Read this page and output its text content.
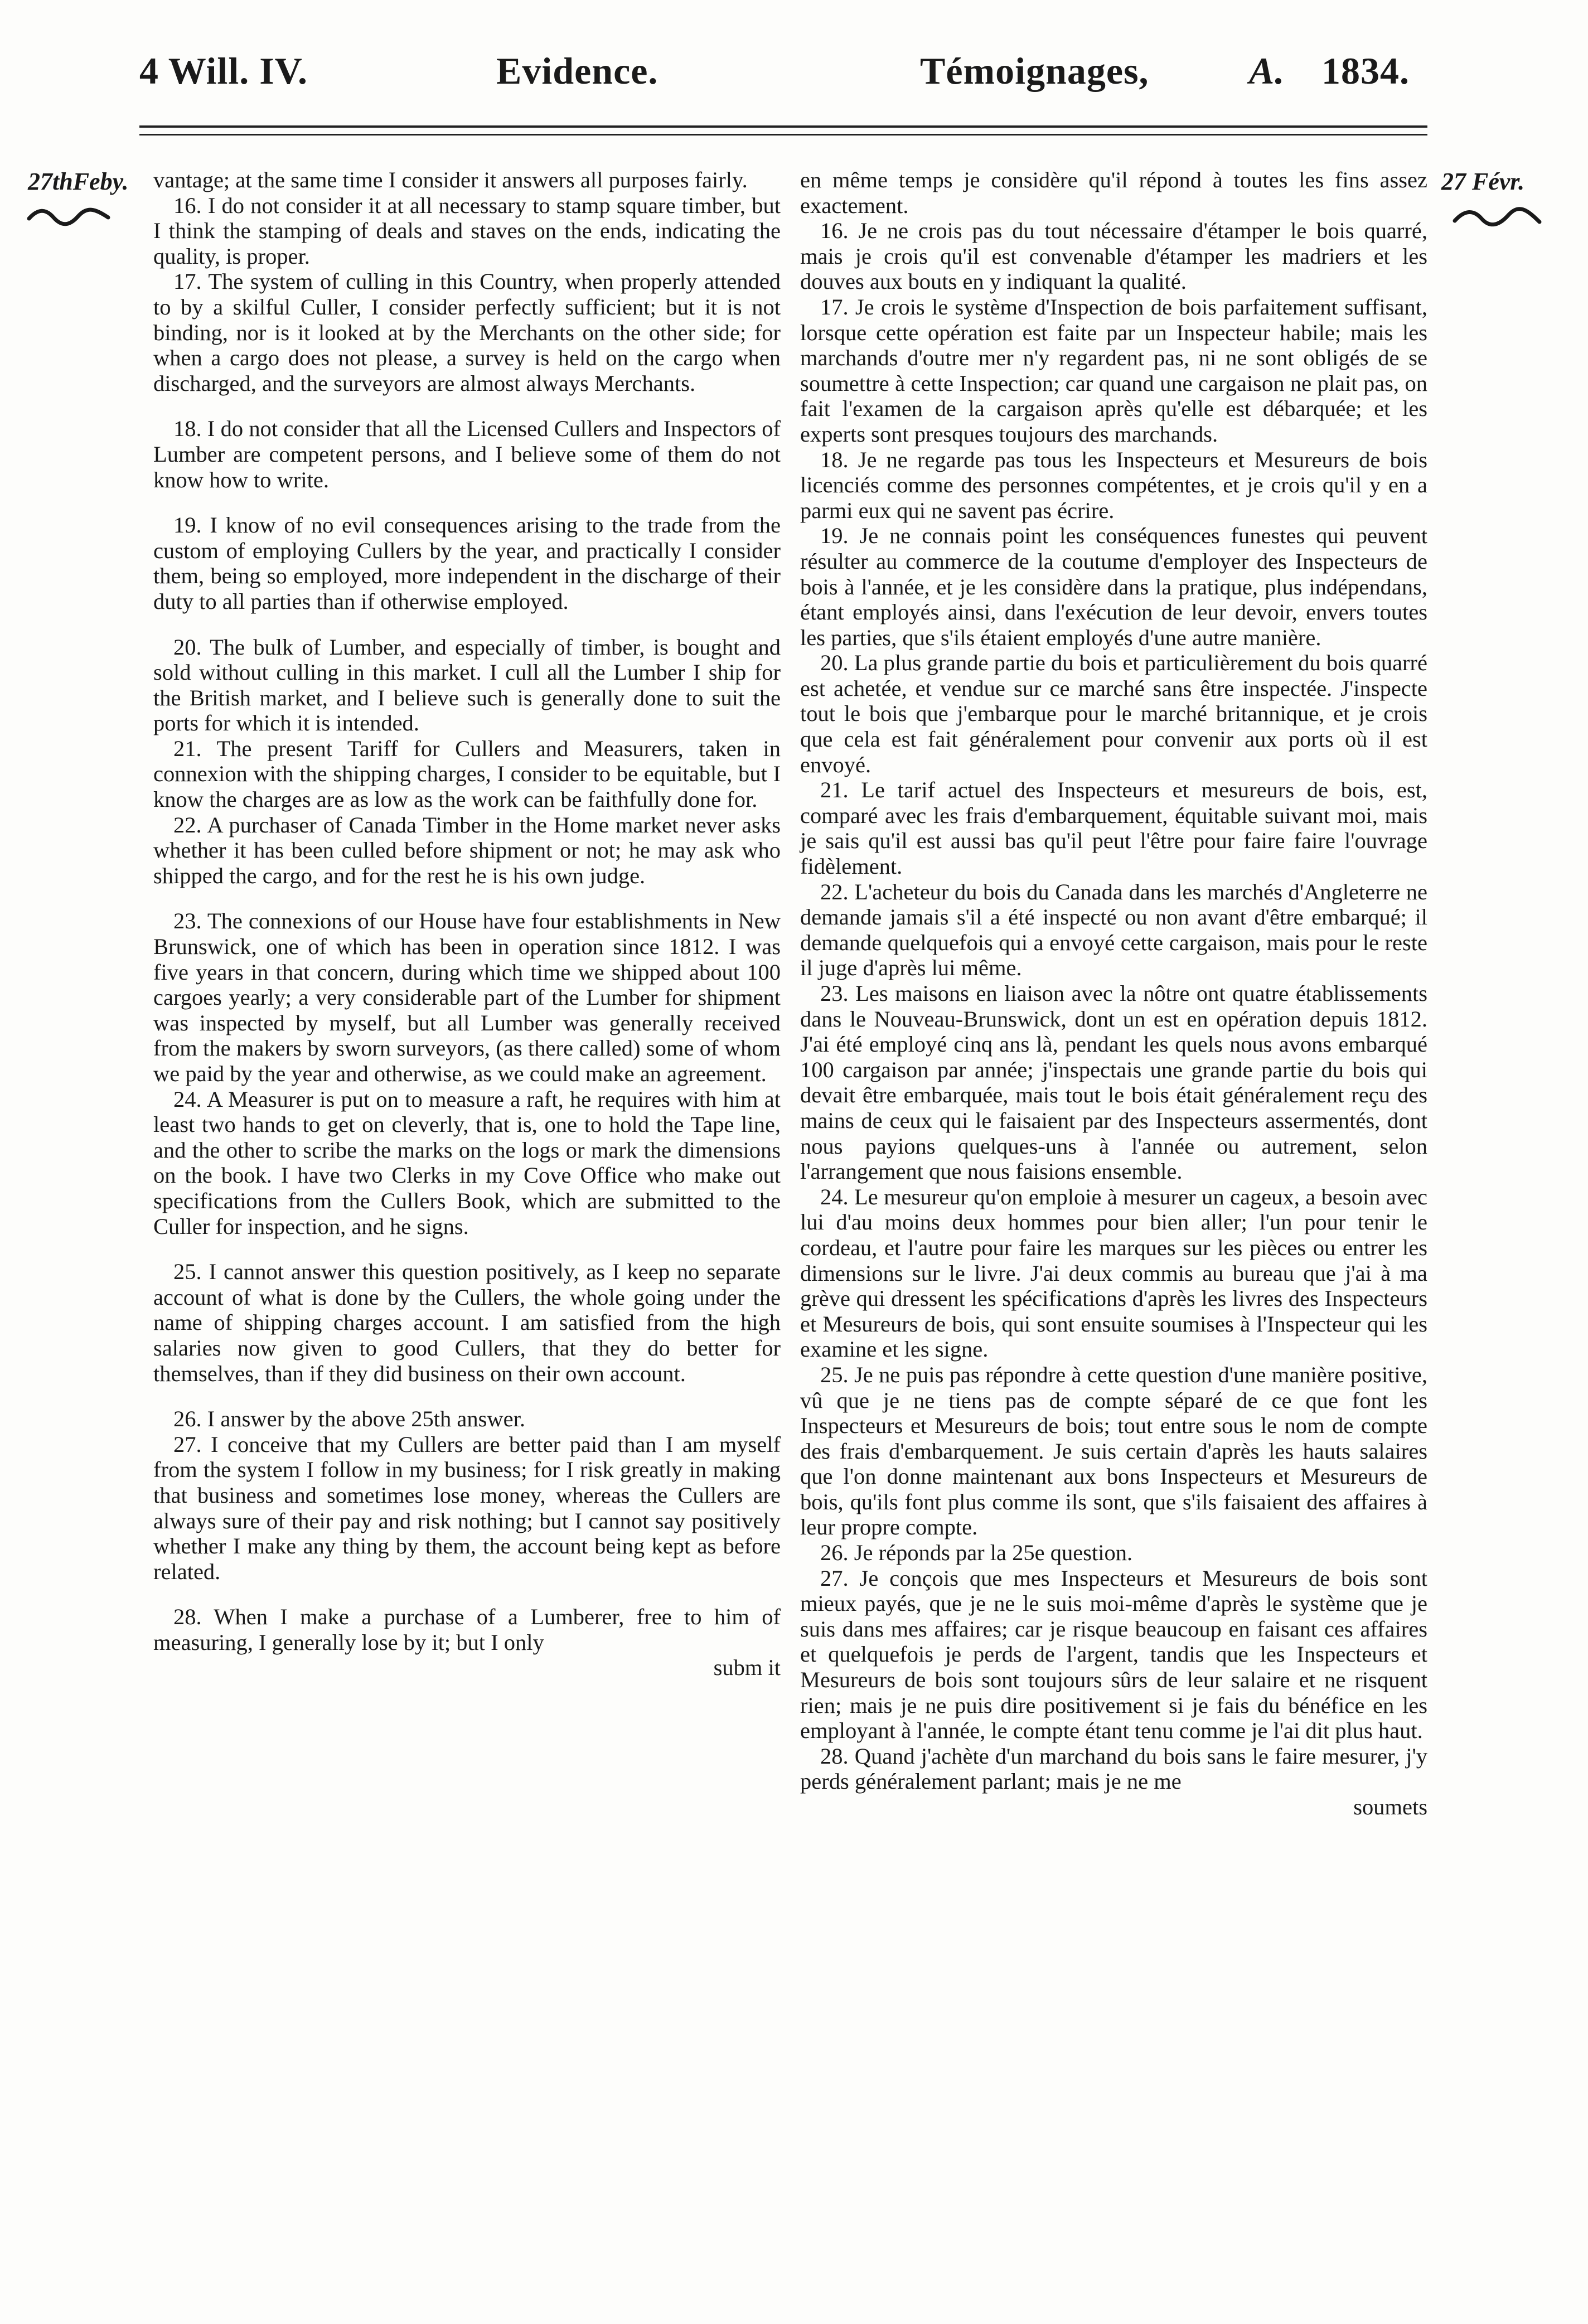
4 Will. IV.	Evidence.	Témoignages,	A. 1834.
27thFeby.	27 Févr.

vantage; at the same time I consider it answers all purposes fairly.

16. I do not consider it at all necessary to stamp square timber, but I think the stamping of deals and staves on the ends, indicating the quality, is proper.

17. The system of culling in this Country, when properly attended to by a skilful Culler, I consider perfectly sufficient; but it is not binding, nor is it looked at by the Merchants on the other side; for when a cargo does not please, a survey is held on the cargo when discharged, and the surveyors are almost always Merchants.

18. I do not consider that all the Licensed Cullers and Inspectors of Lumber are competent persons, and I believe some of them do not know how to write.

19. I know of no evil consequences arising to the trade from the custom of employing Cullers by the year, and practically I consider them, being so employed, more independent in the discharge of their duty to all parties than if otherwise employed.

20. The bulk of Lumber, and especially of timber, is bought and sold without culling in this market. I cull all the Lumber I ship for the British market, and I believe such is generally done to suit the ports for which it is intended.

21. The present Tariff for Cullers and Measurers, taken in connexion with the shipping charges, I consider to be equitable, but I know the charges are as low as the work can be faithfully done for.

22. A purchaser of Canada Timber in the Home market never asks whether it has been culled before shipment or not; he may ask who shipped the cargo, and for the rest he is his own judge.

23. The connexions of our House have four establishments in New Brunswick, one of which has been in operation since 1812. I was five years in that concern, during which time we shipped about 100 cargoes yearly; a very considerable part of the Lumber for shipment was inspected by myself, but all Lumber was generally received from the makers by sworn surveyors, (as there called) some of whom we paid by the year and otherwise, as we could make an agreement.

24. A Measurer is put on to measure a raft, he requires with him at least two hands to get on cleverly, that is, one to hold the Tape line, and the other to scribe the marks on the logs or mark the dimensions on the book. I have two Clerks in my Cove Office who make out specifications from the Cullers Book, which are submitted to the Culler for inspection, and he signs.

25. I cannot answer this question positively, as I keep no separate account of what is done by the Cullers, the whole going under the name of shipping charges account. I am satisfied from the high salaries now given to good Cullers, that they do better for themselves, than if they did business on their own account.

26. I answer by the above 25th answer.

27. I conceive that my Cullers are better paid than I am myself from the system I follow in my business; for I risk greatly in making that business and sometimes lose money, whereas the Cullers are always sure of their pay and risk nothing; but I cannot say positively whether I make any thing by them, the account being kept as before related.

28. When I make a purchase of a Lumberer, free to him of measuring, I generally lose by it; but I only

subm it

en même temps je considère qu'il répond à toutes les fins assez exactement.

16. Je ne crois pas du tout nécessaire d'étamper le bois quarré, mais je crois qu'il est convenable d'étamper les madriers et les douves aux bouts en y indiquant la qualité.

17. Je crois le système d'Inspection de bois parfaitement suffisant, lorsque cette opération est faite par un Inspecteur habile; mais les marchands d'outre mer n'y regardent pas, ni ne sont obligés de se soumettre à cette Inspection; car quand une cargaison ne plait pas, on fait l'examen de la cargaison après qu'elle est débarquée; et les experts sont presques toujours des marchands.

18. Je ne regarde pas tous les Inspecteurs et Mesureurs de bois licenciés comme des personnes compétentes, et je crois qu'il y en a parmi eux qui ne savent pas écrire.

19. Je ne connais point les conséquences funestes qui peuvent résulter au commerce de la coutume d'employer des Inspecteurs de bois à l'année, et je les considère dans la pratique, plus indépendans, étant employés ainsi, dans l'exécution de leur devoir, envers toutes les parties, que s'ils étaient employés d'une autre manière.

20. La plus grande partie du bois et particulièrement du bois quarré est achetée, et vendue sur ce marché sans être inspectée. J'inspecte tout le bois que j'embarque pour le marché britannique, et je crois que cela est fait généralement pour convenir aux ports où il est envoyé.

21. Le tarif actuel des Inspecteurs et mesureurs de bois, est, comparé avec les frais d'embarquement, équitable suivant moi, mais je sais qu'il est aussi bas qu'il peut l'être pour faire faire l'ouvrage fidèlement.

22. L'acheteur du bois du Canada dans les marchés d'Angleterre ne demande jamais s'il a été inspecté ou non avant d'être embarqué; il demande quelquefois qui a envoyé cette cargaison, mais pour le reste il juge d'après lui même.

23. Les maisons en liaison avec la nôtre ont quatre établissements dans le Nouveau-Brunswick, dont un est en opération depuis 1812. J'ai été employé cinq ans là, pendant les quels nous avons embarqué 100 cargaison par année; j'inspectais une grande partie du bois qui devait être embarquée, mais tout le bois était généralement reçu des mains de ceux qui le faisaient par des Inspecteurs assermentés, dont nous payions quelques-uns à l'année ou autrement, selon l'arrangement que nous faisions ensemble.

24. Le mesureur qu'on emploie à mesurer un cageux, a besoin avec lui d'au moins deux hommes pour bien aller; l'un pour tenir le cordeau, et l'autre pour faire les marques sur les pièces ou entrer les dimensions sur le livre. J'ai deux commis au bureau que j'ai à ma grève qui dressent les spécifications d'après les livres des Inspecteurs et Mesureurs de bois, qui sont ensuite soumises à l'Inspecteur qui les examine et les signe.

25. Je ne puis pas répondre à cette question d'une manière positive, vû que je ne tiens pas de compte séparé de ce que font les Inspecteurs et Mesureurs de bois; tout entre sous le nom de compte des frais d'embarquement. Je suis certain d'après les hauts salaires que l'on donne maintenant aux bons Inspecteurs et Mesureurs de bois, qu'ils font plus comme ils sont, que s'ils faisaient des affaires à leur propre compte.

26. Je réponds par la 25e question.

27. Je conçois que mes Inspecteurs et Mesureurs de bois sont mieux payés, que je ne le suis moi-même d'après le système que je suis dans mes affaires; car je risque beaucoup en faisant ces affaires et quelquefois je perds de l'argent, tandis que les Inspecteurs et Mesureurs de bois sont toujours sûrs de leur salaire et ne risquent rien; mais je ne puis dire positivement si je fais du bénéfice en les employant à l'année, le compte étant tenu comme je l'ai dit plus haut.

28. Quand j'achète d'un marchand du bois sans le faire mesurer, j'y perds généralement parlant; mais je ne me

soumets
